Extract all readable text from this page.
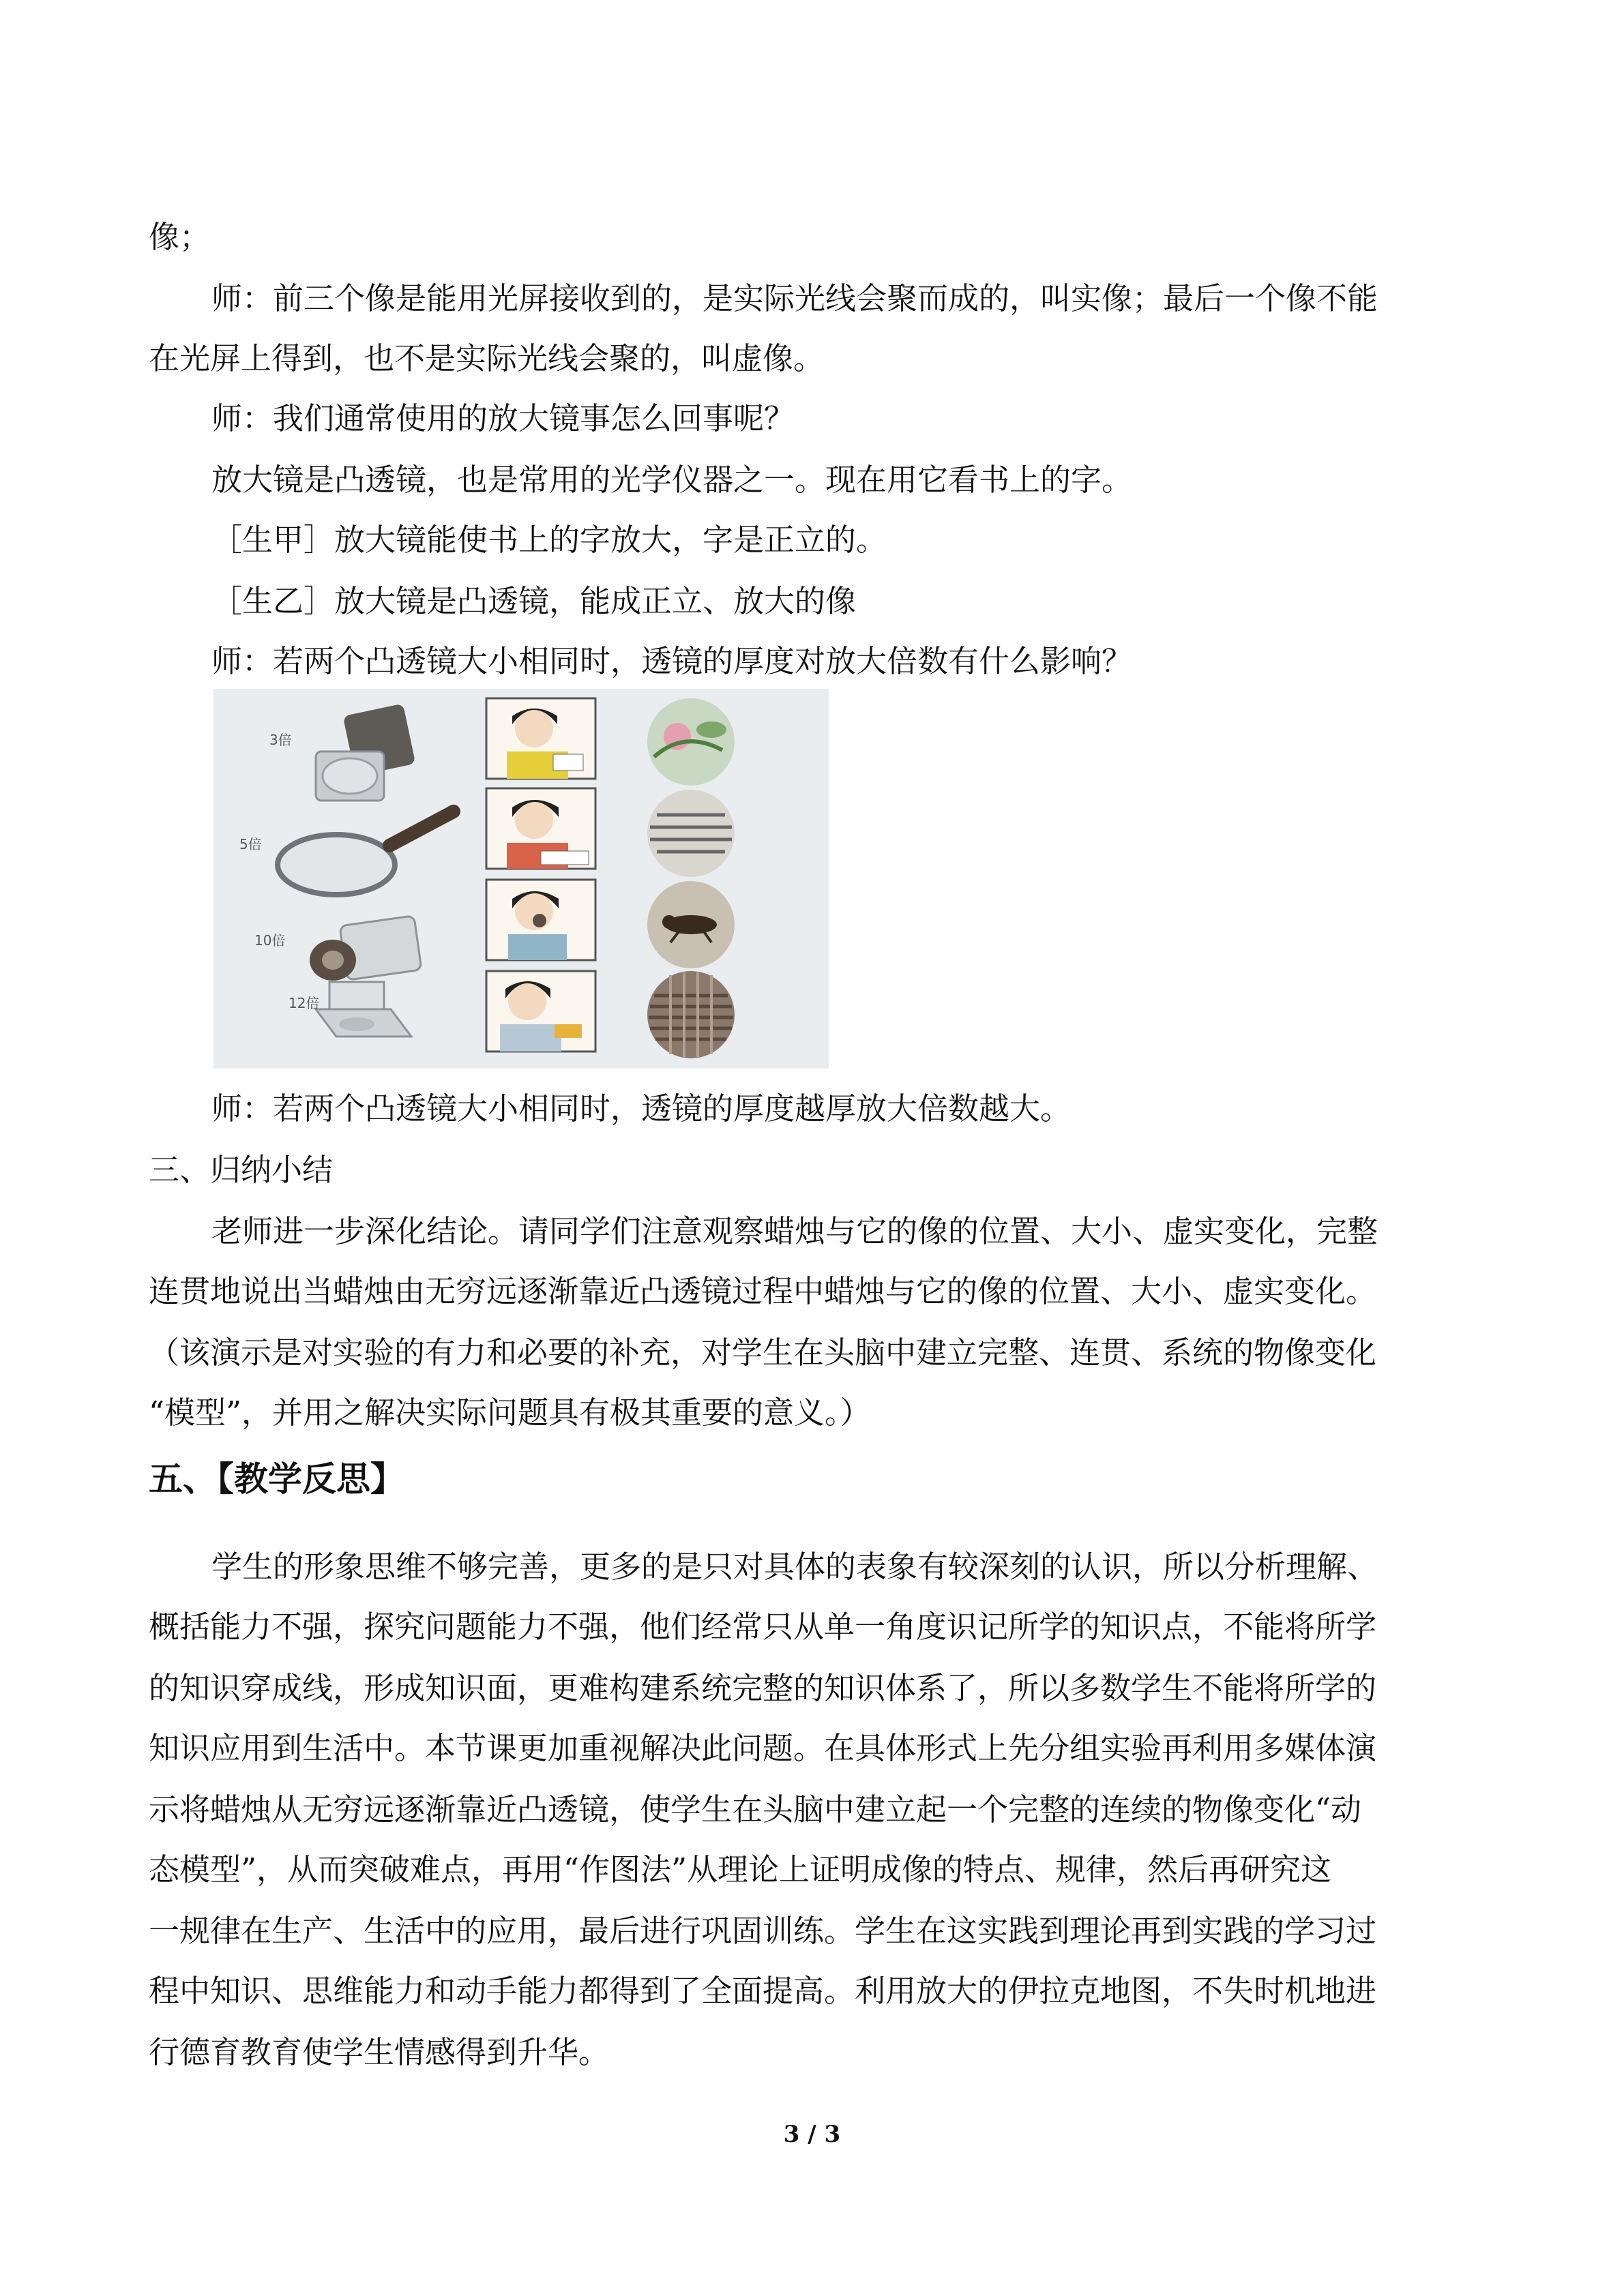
像；
师：前三个像是能用光屏接收到的，是实际光线会聚而成的，叫实像；最后一个像不能
在光屏上得到，也不是实际光线会聚的，叫虚像。
师：我们通常使用的放大镜事怎么回事呢？
放大镜是凸透镜，也是常用的光学仪器之一。现在用它看书上的字。
［生甲］放大镜能使书上的字放大，字是正立的。
［生乙］放大镜是凸透镜，能成正立、放大的像
师：若两个凸透镜大小相同时，透镜的厚度对放大倍数有什么影响？
3倍
5倍
10倍
12倍
师：若两个凸透镜大小相同时，透镜的厚度越厚放大倍数越大。
三、归纳小结
老师进一步深化结论。请同学们注意观察蜡烛与它的像的位置、大小、虚实变化，完整
连贯地说出当蜡烛由无穷远逐渐靠近凸透镜过程中蜡烛与它的像的位置、大小、虚实变化。
（该演示是对实验的有力和必要的补充，对学生在头脑中建立完整、连贯、系统的物像变化
“模型”，并用之解决实际问题具有极其重要的意义。）
五、【教学反思】
学生的形象思维不够完善，更多的是只对具体的表象有较深刻的认识，所以分析理解、
概括能力不强，探究问题能力不强，他们经常只从单一角度识记所学的知识点，不能将所学
的知识穿成线，形成知识面，更难构建系统完整的知识体系了，所以多数学生不能将所学的
知识应用到生活中。本节课更加重视解决此问题。在具体形式上先分组实验再利用多媒体演
示将蜡烛从无穷远逐渐靠近凸透镜，使学生在头脑中建立起一个完整的连续的物像变化“动
态模型”，从而突破难点，再用“作图法”从理论上证明成像的特点、规律，然后再研究这
一规律在生产、生活中的应用，最后进行巩固训练。学生在这实践到理论再到实践的学习过
程中知识、思维能力和动手能力都得到了全面提高。利用放大的伊拉克地图，不失时机地进
行德育教育使学生情感得到升华。
3 / 3
